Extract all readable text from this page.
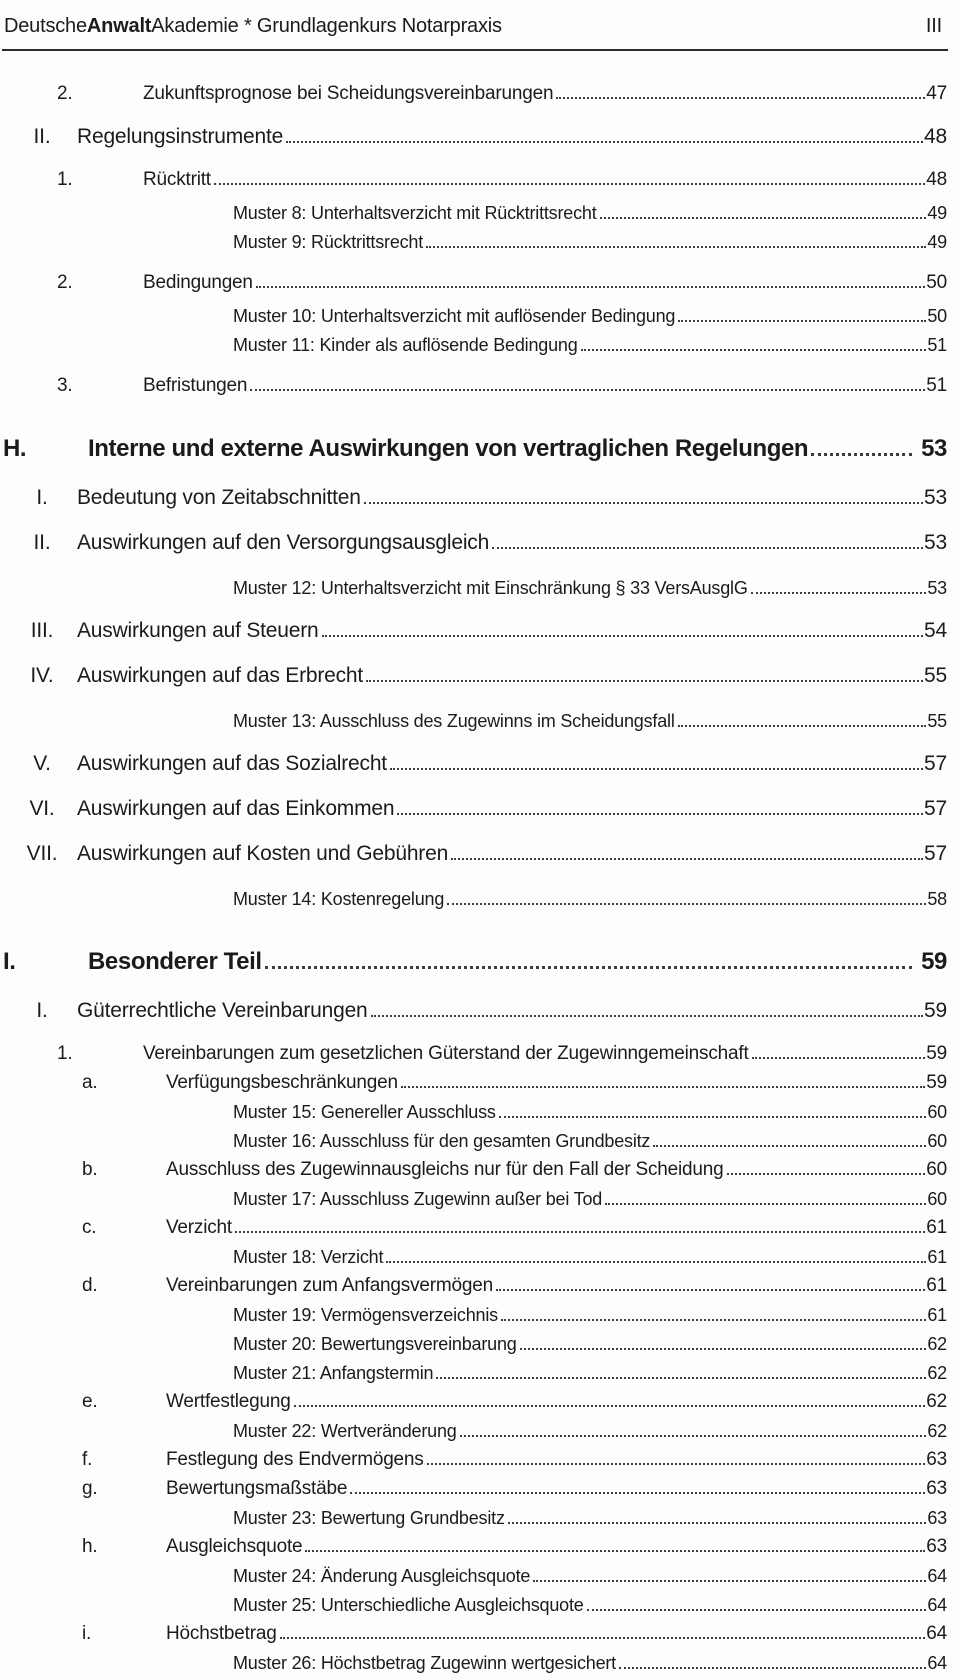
DeutscheAnwaltAkademie * Grundlagenkurs Notarpraxis	III
2.	Zukunftsprognose bei Scheidungsvereinbarungen	47
II.	Regelungsinstrumente	48
1.	Rücktritt	48
Muster 8: Unterhaltsverzicht mit Rücktrittsrecht	49
Muster 9: Rücktrittsrecht	49
2.	Bedingungen	50
Muster 10: Unterhaltsverzicht mit auflösender Bedingung	50
Muster 11: Kinder als auflösende Bedingung	51
3.	Befristungen	51
H.	Interne und externe Auswirkungen von vertraglichen Regelungen	53
I.	Bedeutung von Zeitabschnitten	53
II.	Auswirkungen auf den Versorgungsausgleich	53
Muster 12: Unterhaltsverzicht mit Einschränkung § 33 VersAusglG	53
III.	Auswirkungen auf Steuern	54
IV.	Auswirkungen auf das Erbrecht	55
Muster 13: Ausschluss des Zugewinns im Scheidungsfall	55
V.	Auswirkungen auf das Sozialrecht	57
VI.	Auswirkungen auf das Einkommen	57
VII. Auswirkungen auf Kosten und Gebühren	57
Muster 14: Kostenregelung	58
I.	Besonderer Teil	59
I.	Güterrechtliche Vereinbarungen	59
1.	Vereinbarungen zum gesetzlichen Güterstand der Zugewinngemeinschaft	59
a.	Verfügungsbeschränkungen	59
Muster 15: Genereller Ausschluss	60
Muster 16: Ausschluss für den gesamten Grundbesitz	60
b.	Ausschluss des Zugewinnausgleichs nur für den Fall der Scheidung	60
Muster 17: Ausschluss Zugewinn außer bei Tod	60
c.	Verzicht	61
Muster 18: Verzicht	61
d.	Vereinbarungen zum Anfangsvermögen	61
Muster 19: Vermögensverzeichnis	61
Muster 20: Bewertungsvereinbarung	62
Muster 21: Anfangstermin	62
e.	Wertfestlegung	62
Muster 22: Wertveränderung	62
f.	Festlegung des Endvermögens	63
g.	Bewertungsmaßstäbe	63
Muster 23: Bewertung Grundbesitz	63
h.	Ausgleichsquote	63
Muster 24: Änderung Ausgleichsquote	64
Muster 25: Unterschiedliche Ausgleichsquote	64
i.	Höchstbetrag	64
Muster 26: Höchstbetrag Zugewinn wertgesichert	64
